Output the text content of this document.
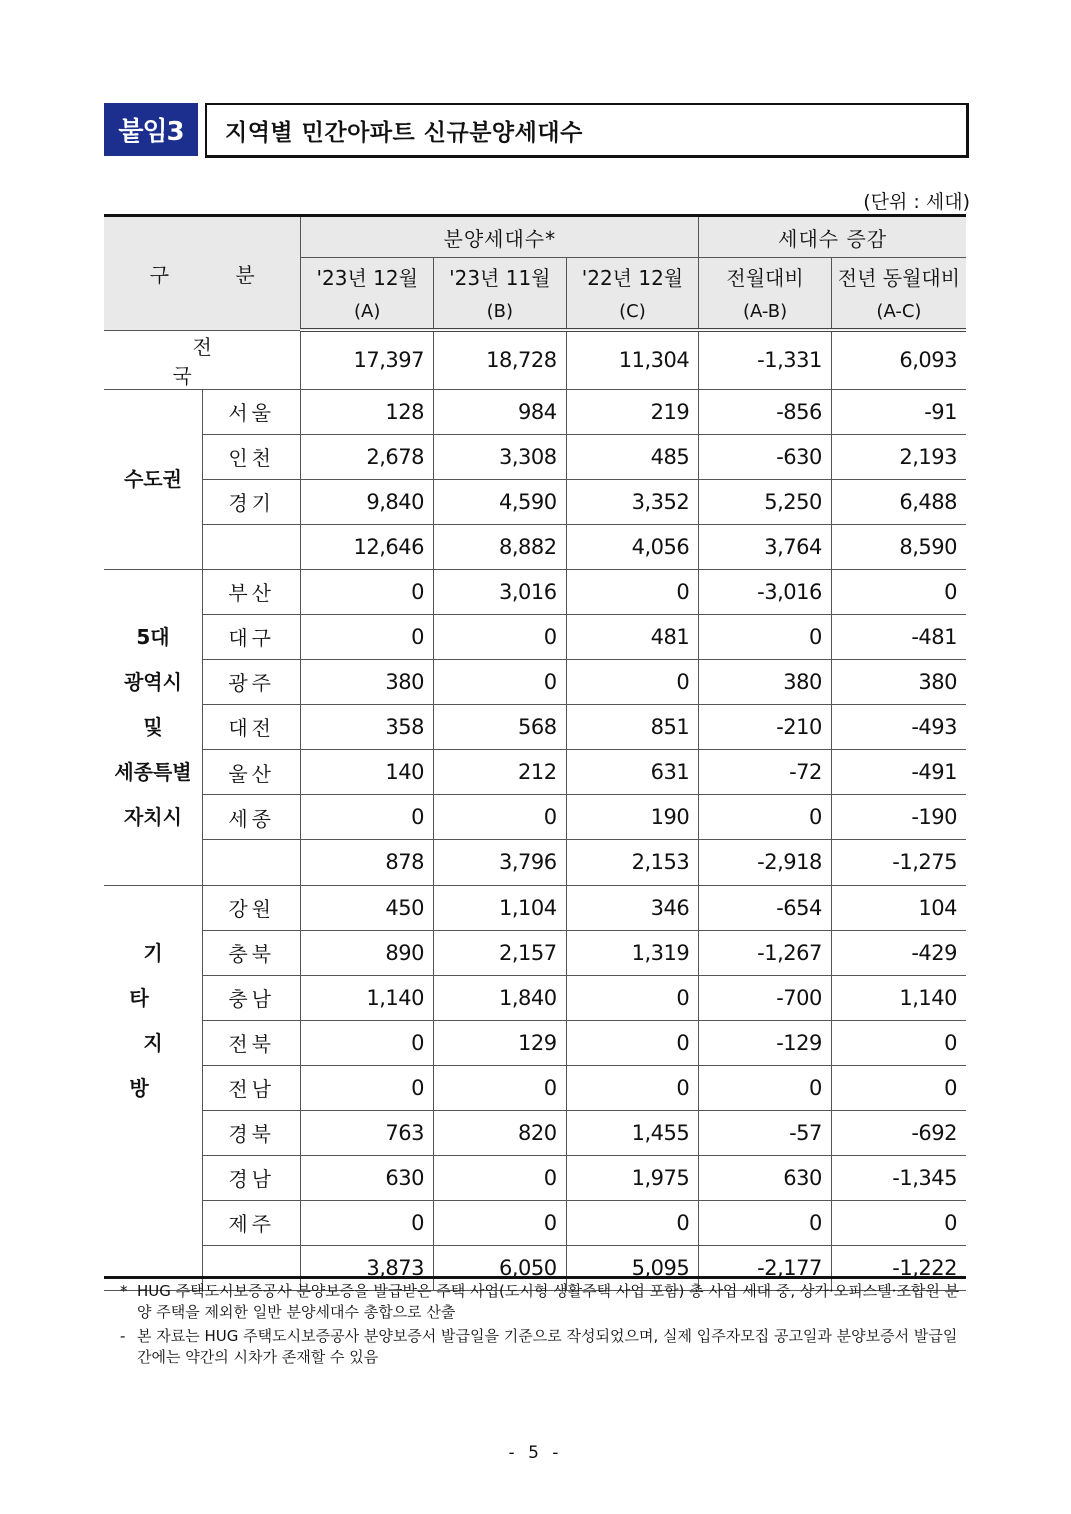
붙임3	지역별 민간아파트 신규분양세대수
(단위 : 세대)
구 분		분양세대수*			세대수 증감	
		'23년 12월	'23년 11월	'22년 12월	전월대비	전년 동월대비
		(A)	(B)	(C)	(A-B)	(A-C)
전 국		17,397	18,728	11,304	-1,331	6,093
수도권	서울	128	984	219	-856	-91
	인천	2,678	3,308	485	-630	2,193
	경기	9,840	4,590	3,352	5,250	6,488
		12,646	8,882	4,056	3,764	8,590

5대
광역시
및
세종특별
자치시	부산	0	3,016	0	-3,016	0
	대구	0	0	481	0	-481
	광주	380	0	0	380	380
	대전	358	568	851	-210	-493
	울산	140	212	631	-72	-491
	세종	0	0	190	0	-190
		878	3,796	2,153	-2,918	-1,275

기 타
지 방	강원	450	1,104	346	-654	104
	충북	890	2,157	1,319	-1,267	-429
	충남	1,140	1,840	0	-700	1,140
	전북	0	129	0	-129	0
	전남	0	0	0	0	0
	경북	763	820	1,455	-57	-692
	경남	630	0	1,975	630	-1,345
	제주	0	0	0	0	0
		3,873	6,050	5,095	-2,177	-1,222
* HUG 주택도시보증공사 분양보증을 발급받은 주택 사업(도시형 생활주택 사업 포함) 총 사업 세대 중, 상가·오피스텔·조합원 분양 주택을 제외한 일반 분양세대수 총합으로 산출
- 본 자료는 HUG 주택도시보증공사 분양보증서 발급일을 기준으로 작성되었으며, 실제 입주자모집 공고일과 분양보증서 발급일 간에는 약간의 시차가 존재할 수 있음
- 5 -
